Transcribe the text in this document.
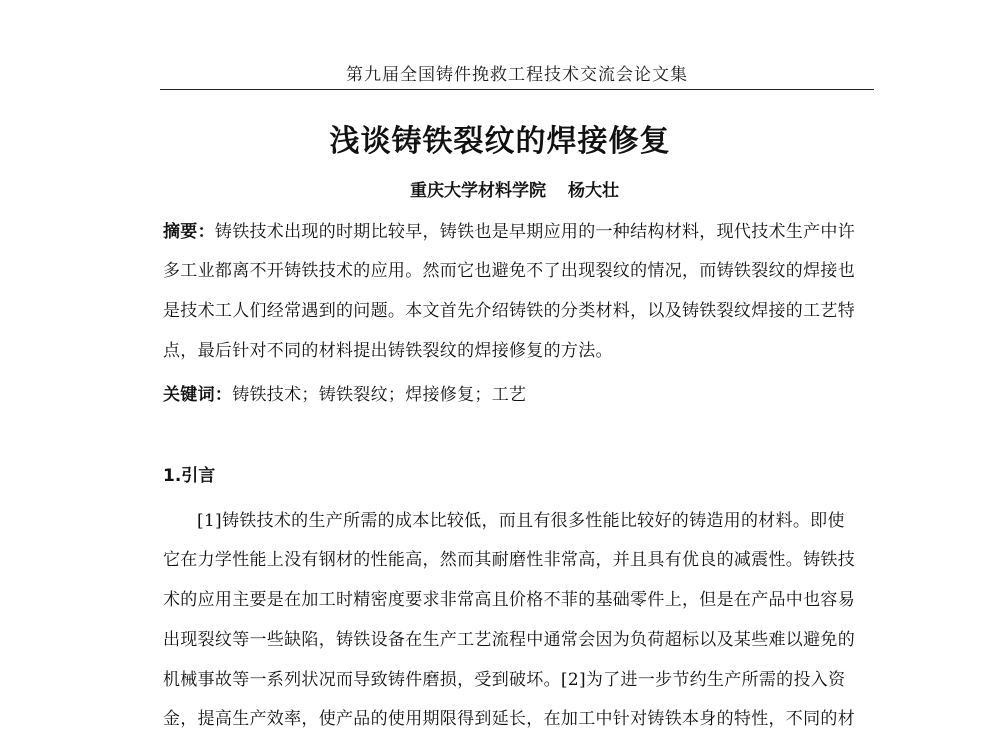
第九届全国铸件挽救工程技术交流会论文集
浅谈铸铁裂纹的焊接修复
重庆大学材料学院 杨大壮
摘要：铸铁技术出现的时期比较早，铸铁也是早期应用的一种结构材料，现代技术生产中许
多工业都离不开铸铁技术的应用。然而它也避免不了出现裂纹的情况，而铸铁裂纹的焊接也
是技术工人们经常遇到的问题。本文首先介绍铸铁的分类材料，以及铸铁裂纹焊接的工艺特
点，最后针对不同的材料提出铸铁裂纹的焊接修复的方法。
关键词：铸铁技术；铸铁裂纹；焊接修复；工艺
1.引言
[1]铸铁技术的生产所需的成本比较低，而且有很多性能比较好的铸造用的材料。即使
它在力学性能上没有钢材的性能高，然而其耐磨性非常高，并且具有优良的减震性。铸铁技
术的应用主要是在加工时精密度要求非常高且价格不菲的基础零件上，但是在产品中也容易
出现裂纹等一些缺陷，铸铁设备在生产工艺流程中通常会因为负荷超标以及某些难以避免的
机械事故等一系列状况而导致铸件磨损，受到破坏。[2]为了进一步节约生产所需的投入资
金，提高生产效率，使产品的使用期限得到延长，在加工中针对铸铁本身的特性，不同的材
